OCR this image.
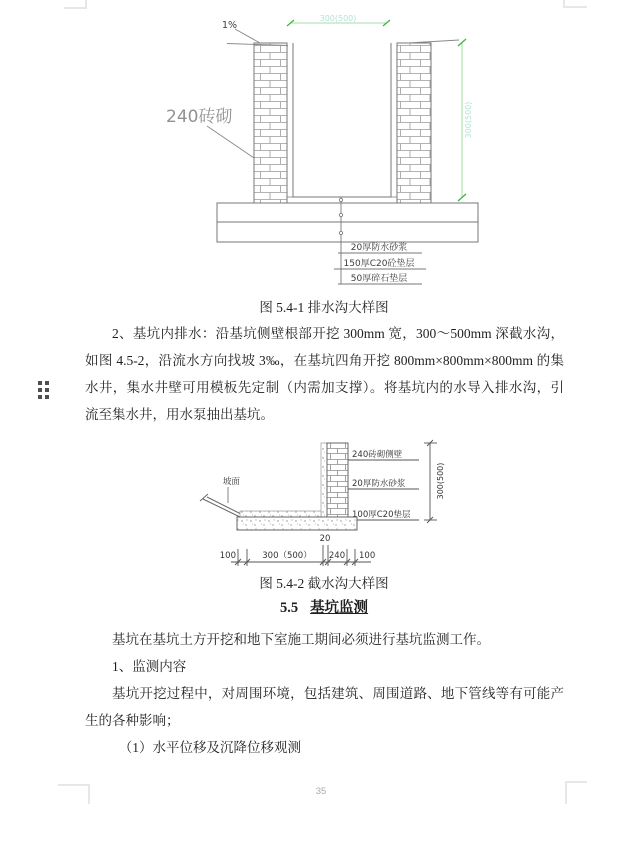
1%
240砖砌
300(500)
300(500)
20厚防水砂浆
150厚C20砼垫层
50厚碎石垫层
图 5.4-1 排水沟大样图
2、基坑内排水：沿基坑侧壁根部开挖 300mm 宽，300～500mm 深截水沟，如图 4.5-2，沿流水方向找坡 3‰，在基坑四角开挖 800mm×800mm×800mm 的集水井，集水井壁可用模板先定制（内需加支撑）。将基坑内的水导入排水沟，引流至集水井，用水泵抽出基坑。
坡面
240砖砌侧壁
20厚防水砂浆
100厚C20垫层
300(500)
100	300（500）
20
240 100
图 5.4-2 截水沟大样图
5.5 基坑监测
基坑在基坑土方开挖和地下室施工期间必须进行基坑监测工作。
1、监测内容
基坑开挖过程中，对周围环境，包括建筑、周围道路、地下管线等有可能产生的各种影响；
（1）水平位移及沉降位移观测
35
